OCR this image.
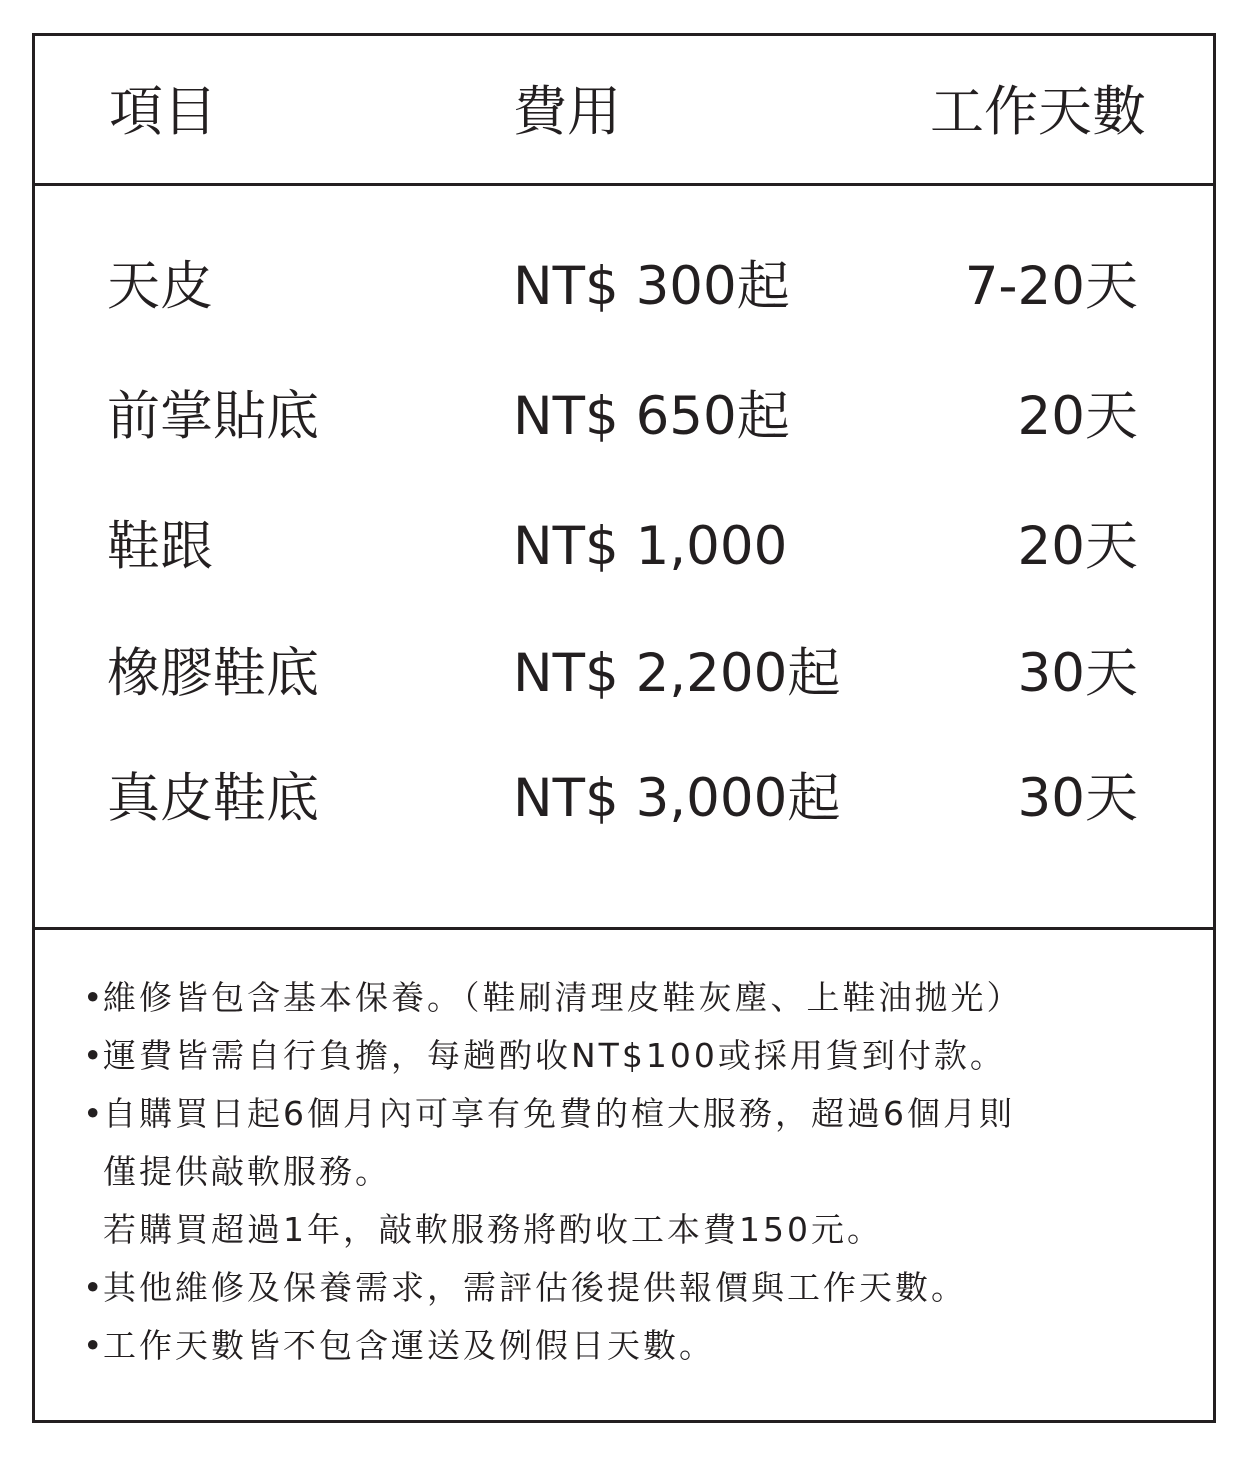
項目	費用	工作天數
天皮	NT$ 300起	7-20天
前掌貼底	NT$ 650起	20天
鞋跟	NT$ 1,000	20天
橡膠鞋底	NT$ 2,200起	30天
真皮鞋底	NT$ 3,000起	30天
•
維修皆包含基本保養。（鞋刷清理皮鞋灰塵、上鞋油拋光）
•
運費皆需自行負擔，每趟酌收NT$100或採用貨到付款。
•
自購買日起6個月內可享有免費的楦大服務，超過6個月則
僅提供敲軟服務。
若購買超過1年，敲軟服務將酌收工本費150元。
•
其他維修及保養需求，需評估後提供報價與工作天數。
•
工作天數皆不包含運送及例假日天數。
